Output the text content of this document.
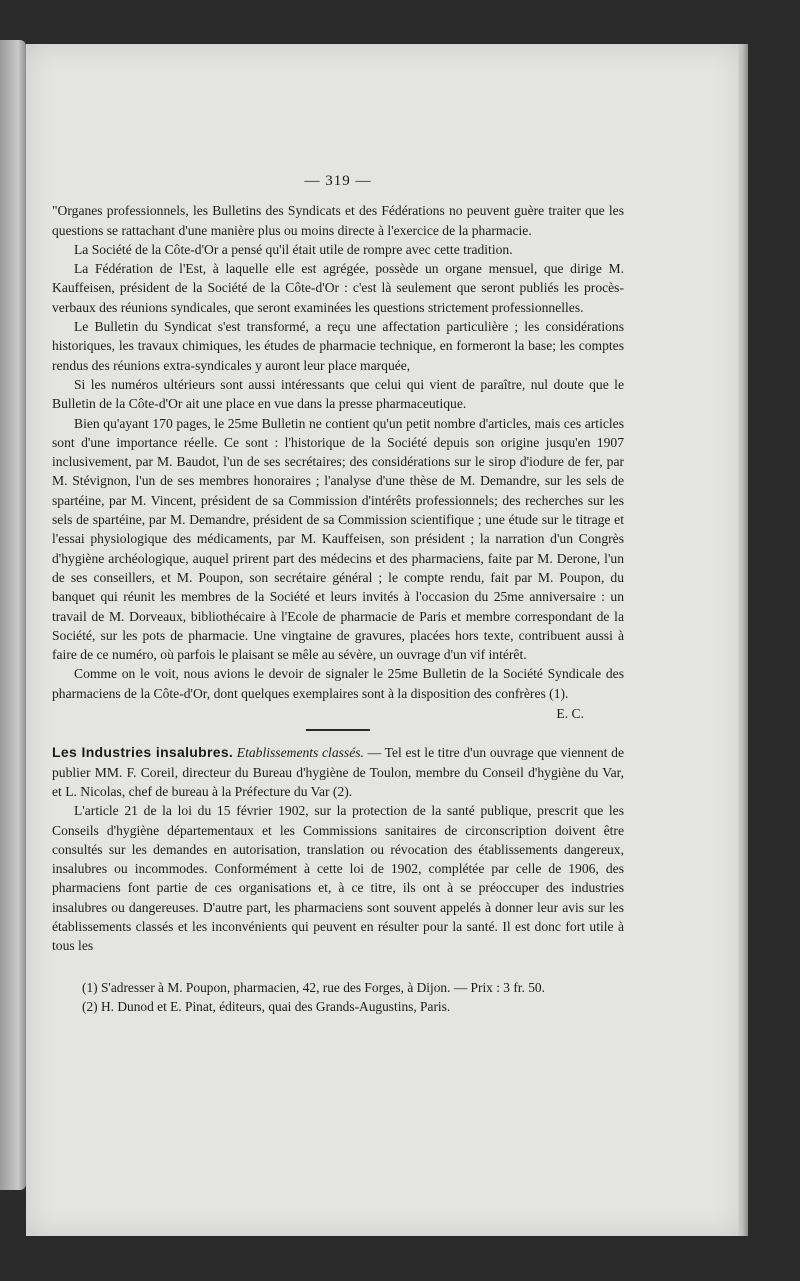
— 319 —

"Organes professionnels, les Bulletins des Syndicats et des Fédérations no peuvent guère traiter que les questions se rattachant d'une manière plus ou moins directe à l'exercice de la pharmacie.

La Société de la Côte-d'Or a pensé qu'il était utile de rompre avec cette tradition.

La Fédération de l'Est, à laquelle elle est agrégée, possède un organe mensuel, que dirige M. Kauffeisen, président de la Société de la Côte-d'Or : c'est là seulement que seront publiés les procès-verbaux des réunions syndicales, que seront examinées les questions strictement professionnelles.

Le Bulletin du Syndicat s'est transformé, a reçu une affectation particulière ; les considérations historiques, les travaux chimiques, les études de pharmacie technique, en formeront la base; les comptes rendus des réunions extra-syndicales y auront leur place marquée,

Si les numéros ultérieurs sont aussi intéressants que celui qui vient de paraître, nul doute que le Bulletin de la Côte-d'Or ait une place en vue dans la presse pharmaceutique.

Bien qu'ayant 170 pages, le 25me Bulletin ne contient qu'un petit nombre d'articles, mais ces articles sont d'une importance réelle. Ce sont : l'historique de la Société depuis son origine jusqu'en 1907 inclusivement, par M. Baudot, l'un de ses secrétaires; des considérations sur le sirop d'iodure de fer, par M. Stévignon, l'un de ses membres honoraires ; l'analyse d'une thèse de M. Demandre, sur les sels de spartéine, par M. Vincent, président de sa Commission d'intérêts professionnels; des recherches sur les sels de spartéine, par M. Demandre, président de sa Commission scientifique ; une étude sur le titrage et l'essai physiologique des médicaments, par M. Kauffeisen, son président ; la narration d'un Congrès d'hygiène archéologique, auquel prirent part des médecins et des pharmaciens, faite par M. Derone, l'un de ses conseillers, et M. Poupon, son secrétaire général ; le compte rendu, fait par M. Poupon, du banquet qui réunit les membres de la Société et leurs invités à l'occasion du 25me anniversaire : un travail de M. Dorveaux, bibliothécaire à l'Ecole de pharmacie de Paris et membre correspondant de la Société, sur les pots de pharmacie. Une vingtaine de gravures, placées hors texte, contribuent aussi à faire de ce numéro, où parfois le plaisant se mêle au sévère, un ouvrage d'un vif intérêt.

Comme on le voit, nous avions le devoir de signaler le 25me Bulletin de la Société Syndicale des pharmaciens de la Côte-d'Or, dont quelques exemplaires sont à la disposition des confrères (1).

E. C.

Les Industries insalubres. Etablissements classés. — Tel est le titre d'un ouvrage que viennent de publier MM. F. Coreil, directeur du Bureau d'hygiène de Toulon, membre du Conseil d'hygiène du Var, et L. Nicolas, chef de bureau à la Préfecture du Var (2).

L'article 21 de la loi du 15 février 1902, sur la protection de la santé publique, prescrit que les Conseils d'hygiène départementaux et les Commissions sanitaires de circonscription doivent être consultés sur les demandes en autorisation, translation ou révocation des établissements dangereux, insalubres ou incommodes. Conformément à cette loi de 1902, complétée par celle de 1906, des pharmaciens font partie de ces organisations et, à ce titre, ils ont à se préoccuper des industries insalubres ou dangereuses. D'autre part, les pharmaciens sont souvent appelés à donner leur avis sur les établissements classés et les inconvénients qui peuvent en résulter pour la santé. Il est donc fort utile à tous les

(1) S'adresser à M. Poupon, pharmacien, 42, rue des Forges, à Dijon. — Prix : 3 fr. 50.

(2) H. Dunod et E. Pinat, éditeurs, quai des Grands-Augustins, Paris.
